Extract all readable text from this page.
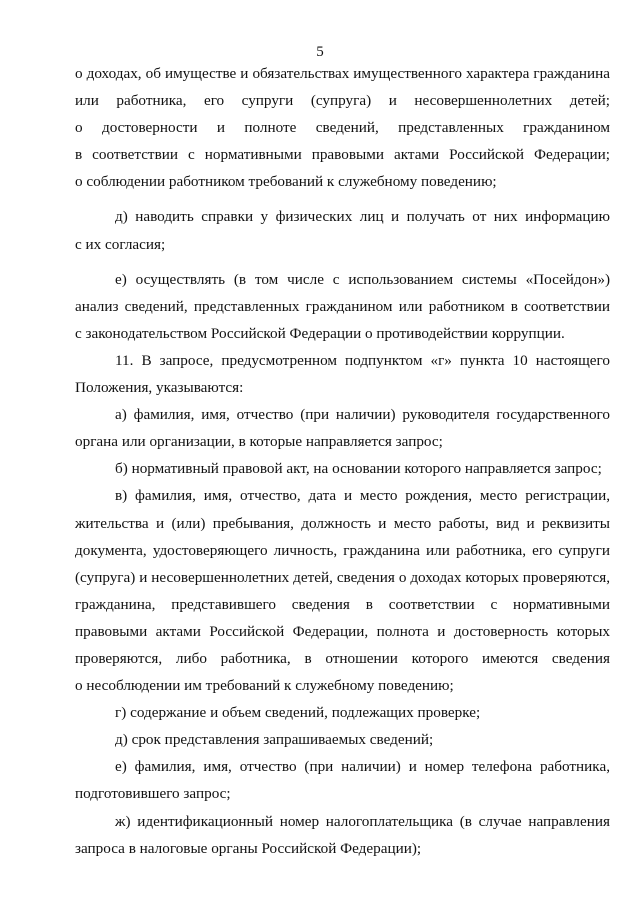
5
о доходах, об имуществе и обязательствах имущественного характера гражданина
или работника, его супруги (супруга) и несовершеннолетних детей;
о достоверности и полноте сведений, представленных гражданином
в соответствии с нормативными правовыми актами Российской Федерации;
о соблюдении работником требований к служебному поведению;
д) наводить справки у физических лиц и получать от них информацию
с их согласия;
е) осуществлять (в том числе с использованием системы «Посейдон»)
анализ сведений, представленных гражданином или работником в соответствии
с законодательством Российской Федерации о противодействии коррупции.
11. В запросе, предусмотренном подпунктом «г» пункта 10 настоящего
Положения, указываются:
а) фамилия, имя, отчество (при наличии) руководителя государственного
органа или организации, в которые направляется запрос;
б) нормативный правовой акт, на основании которого направляется запрос;
в) фамилия, имя, отчество, дата и место рождения, место регистрации,
жительства и (или) пребывания, должность и место работы, вид и реквизиты
документа, удостоверяющего личность, гражданина или работника, его супруги
(супруга) и несовершеннолетних детей, сведения о доходах которых проверяются,
гражданина, представившего сведения в соответствии с нормативными
правовыми актами Российской Федерации, полнота и достоверность которых
проверяются, либо работника, в отношении которого имеются сведения
о несоблюдении им требований к служебному поведению;
г) содержание и объем сведений, подлежащих проверке;
д) срок представления запрашиваемых сведений;
е) фамилия, имя, отчество (при наличии) и номер телефона работника,
подготовившего запрос;
ж) идентификационный номер налогоплательщика (в случае направления
запроса в налоговые органы Российской Федерации);
